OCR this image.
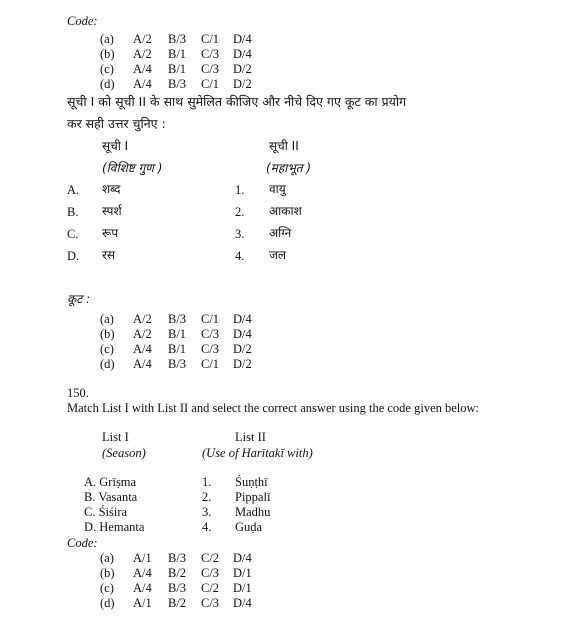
Code:
(a) A/2 B/3 C/1 D/4
(b) A/2 B/1 C/3 D/4
(c) A/4 B/1 C/3 D/2
(d) A/4 B/3 C/1 D/2
सूची I को सूची II के साथ सुमेलित कीजिए और नीचे दिए गए कूट का प्रयोग
कर सही उत्तर चुनिए :
सूची I	सूची II
(विशिष्ट गुण )	(महाभूत )
A. शब्द	1. वायु
B. स्पर्श	2. आकाश
C. रूप	3. अग्नि
D. रस	4. जल
कूट :
(a) A/2 B/3 C/1 D/4
(b) A/2 B/1 C/3 D/4
(c) A/4 B/1 C/3 D/2
(d) A/4 B/3 C/1 D/2
150.
Match List I with List II and select the correct answer using the code given below:
List I	List II
(Season)	(Use of Harītakī with)
A. Grīṣma	1. Śuṇṭhī
B. Vasanta	2. Pippalī
C. Śiśira	3. Madhu
D. Hemanta	4. Guḍa
Code:
(a) A/1 B/3 C/2 D/4
(b) A/4 B/2 C/3 D/1
(c) A/4 B/3 C/2 D/1
(d) A/1 B/2 C/3 D/4
